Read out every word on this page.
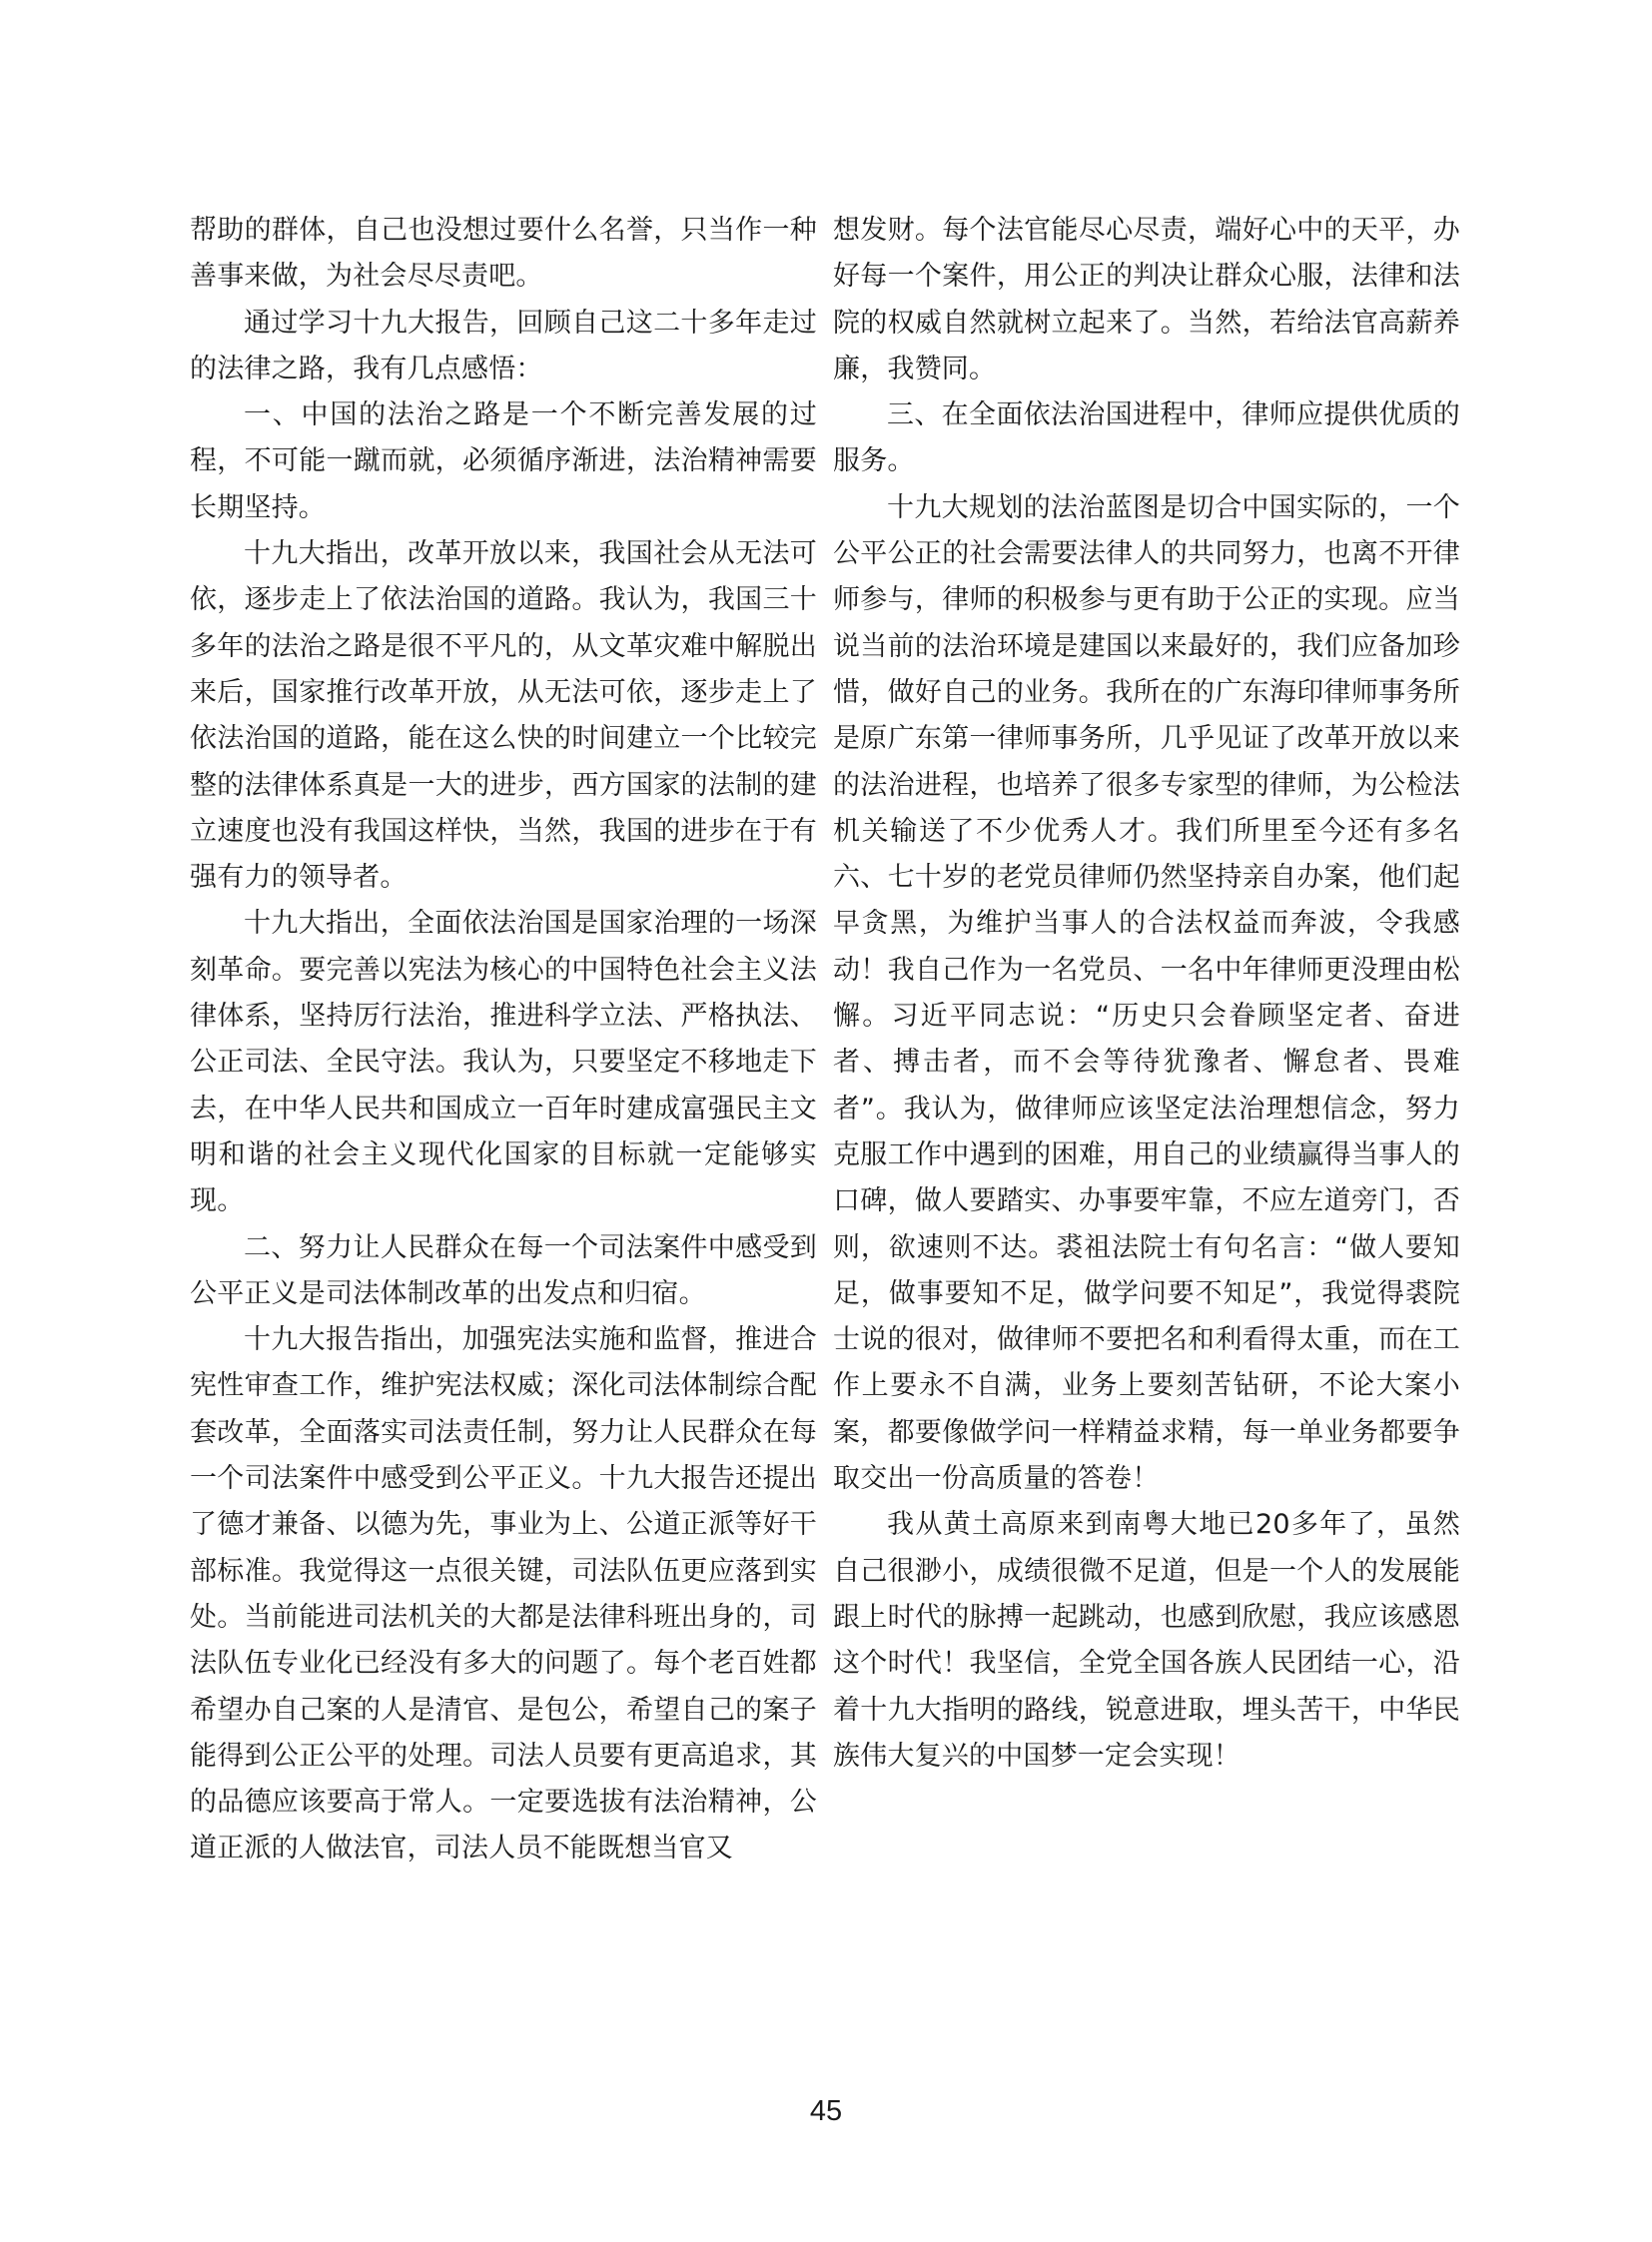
帮助的群体，自己也没想过要什么名誉，只当作一种善事来做，为社会尽尽责吧。

通过学习十九大报告，回顾自己这二十多年走过的法律之路，我有几点感悟：

一、中国的法治之路是一个不断完善发展的过程，不可能一蹴而就，必须循序渐进，法治精神需要长期坚持。

十九大指出，改革开放以来，我国社会从无法可依，逐步走上了依法治国的道路。我认为，我国三十多年的法治之路是很不平凡的，从文革灾难中解脱出来后，国家推行改革开放，从无法可依，逐步走上了依法治国的道路，能在这么快的时间建立一个比较完整的法律体系真是一大的进步，西方国家的法制的建立速度也没有我国这样快，当然，我国的进步在于有强有力的领导者。

十九大指出，全面依法治国是国家治理的一场深刻革命。要完善以宪法为核心的中国特色社会主义法律体系，坚持厉行法治，推进科学立法、严格执法、公正司法、全民守法。我认为，只要坚定不移地走下去，在中华人民共和国成立一百年时建成富强民主文明和谐的社会主义现代化国家的目标就一定能够实现。

二、努力让人民群众在每一个司法案件中感受到公平正义是司法体制改革的出发点和归宿。

十九大报告指出，加强宪法实施和监督，推进合宪性审查工作，维护宪法权威；深化司法体制综合配套改革，全面落实司法责任制，努力让人民群众在每一个司法案件中感受到公平正义。十九大报告还提出了德才兼备、以德为先，事业为上、公道正派等好干部标准。我觉得这一点很关键，司法队伍更应落到实处。当前能进司法机关的大都是法律科班出身的，司法队伍专业化已经没有多大的问题了。每个老百姓都希望办自己案的人是清官、是包公，希望自己的案子能得到公正公平的处理。司法人员要有更高追求，其的品德应该要高于常人。一定要选拔有法治精神，公道正派的人做法官，司法人员不能既想当官又

想发财。每个法官能尽心尽责，端好心中的天平，办好每一个案件，用公正的判决让群众心服，法律和法院的权威自然就树立起来了。当然，若给法官高薪养廉，我赞同。

三、在全面依法治国进程中，律师应提供优质的服务。

十九大规划的法治蓝图是切合中国实际的，一个公平公正的社会需要法律人的共同努力，也离不开律师参与，律师的积极参与更有助于公正的实现。应当说当前的法治环境是建国以来最好的，我们应备加珍惜，做好自己的业务。我所在的广东海印律师事务所是原广东第一律师事务所，几乎见证了改革开放以来的法治进程，也培养了很多专家型的律师，为公检法机关输送了不少优秀人才。我们所里至今还有多名六、七十岁的老党员律师仍然坚持亲自办案，他们起早贪黑，为维护当事人的合法权益而奔波，令我感动！我自己作为一名党员、一名中年律师更没理由松懈。习近平同志说：“历史只会眷顾坚定者、奋进者、搏击者，而不会等待犹豫者、懈怠者、畏难者”。我认为，做律师应该坚定法治理想信念，努力克服工作中遇到的困难，用自己的业绩赢得当事人的口碑，做人要踏实、办事要牢靠，不应左道旁门，否则，欲速则不达。裘祖法院士有句名言：“做人要知足，做事要知不足，做学问要不知足”，我觉得裘院士说的很对，做律师不要把名和利看得太重，而在工作上要永不自满，业务上要刻苦钻研，不论大案小案，都要像做学问一样精益求精，每一单业务都要争取交出一份高质量的答卷！

我从黄土高原来到南粤大地已20多年了，虽然自己很渺小，成绩很微不足道，但是一个人的发展能跟上时代的脉搏一起跳动，也感到欣慰，我应该感恩这个时代！我坚信，全党全国各族人民团结一心，沿着十九大指明的路线，锐意进取，埋头苦干，中华民族伟大复兴的中国梦一定会实现！

45
